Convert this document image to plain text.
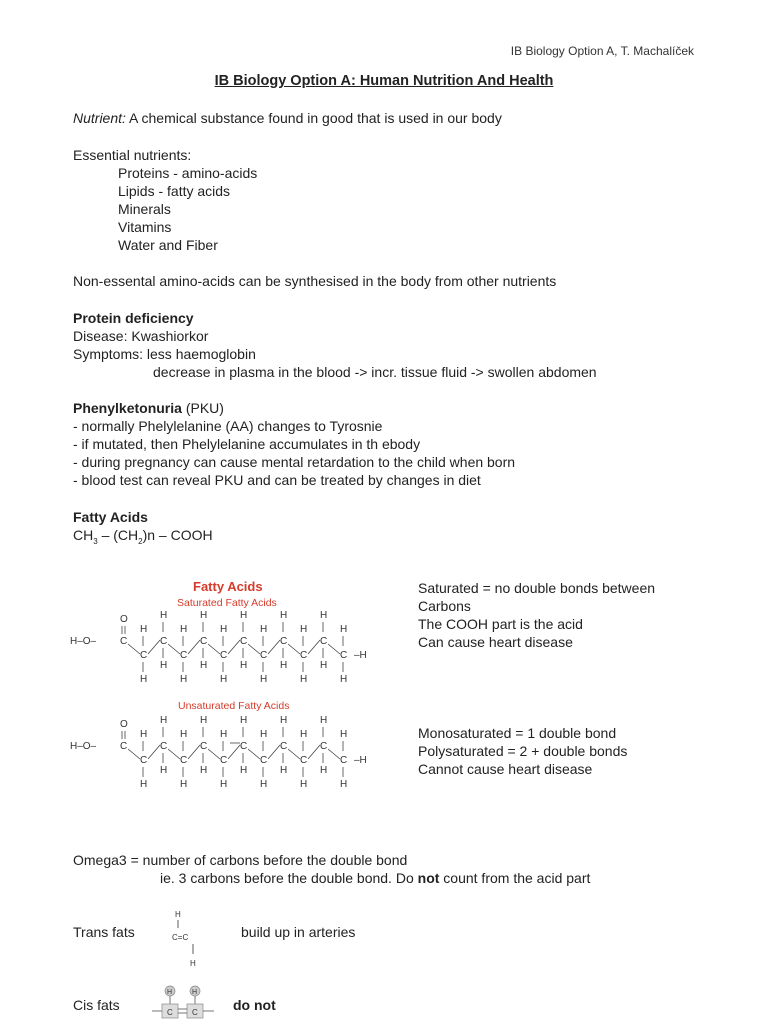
IB Biology Option A, T. Machalíček
IB Biology Option A: Human Nutrition And Health
Nutrient: A chemical substance found in good that is used in our body
Essential nutrients:
Proteins - amino-acids
Lipids - fatty acids
Minerals
Vitamins
Water and Fiber
Non-essental amino-acids can be synthesised in the body from other nutrients
Protein deficiency
Disease: Kwashiorkor
Symptoms: less haemoglobin
decrease in plasma in the blood -> incr. tissue fluid -> swollen abdomen
Phenylketonuria (PKU)
- normally Phelylelanine (AA) changes to Tyrosnie
- if mutated, then Phelylelanine accumulates in th ebody
- during pregnancy can cause mental retardation to the child when born
- blood test can reveal PKU and can be treated by changes in diet
Fatty Acids
$CH_3 - (CH_2)n$ – COOH
Fatty Acids
Saturated Fatty Acids
Unsaturated Fatty Acids
H–O– C
O
C
H
H
C
H
H
C
H
H
C
H
H
C
H
H
C
H
H
C
H
H
C
H
H
C
H
H
C
H
H
C
H
H
–H
H–O– C
O
C
H
H
C
H
H
C
H
H
C
H
H
C
H
H
C
H
H
C
H
H
C
H
H
C
H
H
C
H
H
C
H
H
–H
Saturated = no double bonds between
Carbons
The COOH part is the acid
Can cause heart disease
Monosaturated = 1 double bond
Polysaturated = 2 + double bonds
Cannot cause heart disease
Omega3 = number of carbons before the double bond
ie. 3 carbons before the double bond. Do not count from the acid part
Trans fats
H
C=C
H
build up in arteries
Cis fats
H	H
C C	do not
